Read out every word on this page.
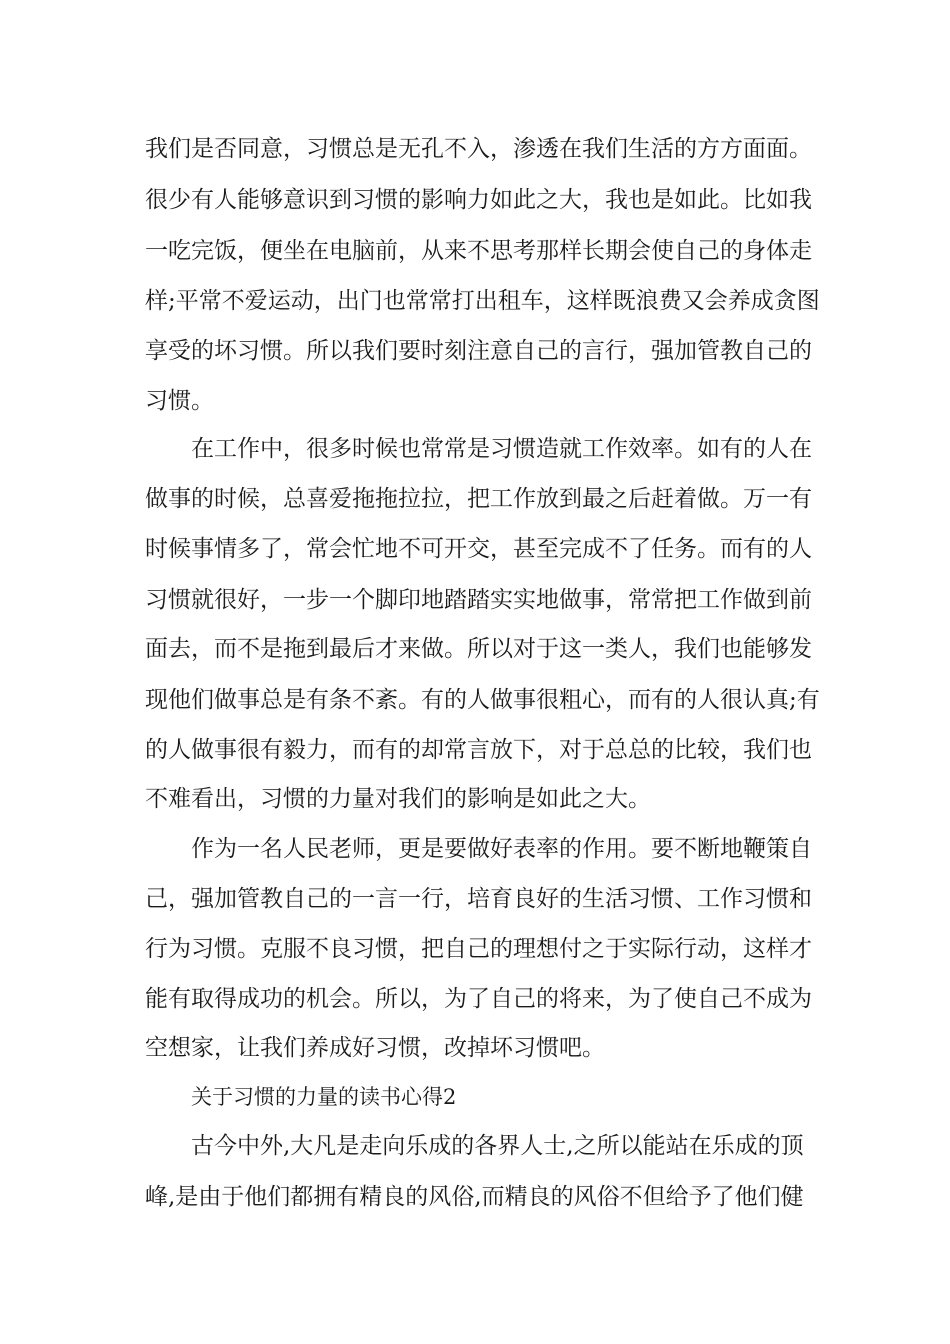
我们是否同意，习惯总是无孔不入，渗透在我们生活的方方面面。
很少有人能够意识到习惯的影响力如此之大，我也是如此。比如我
一吃完饭，便坐在电脑前，从来不思考那样长期会使自己的身体走
样;平常不爱运动，出门也常常打出租车，这样既浪费又会养成贪图
享受的坏习惯。所以我们要时刻注意自己的言行，强加管教自己的
习惯。
在工作中，很多时候也常常是习惯造就工作效率。如有的人在
做事的时候，总喜爱拖拖拉拉，把工作放到最之后赶着做。万一有
时候事情多了，常会忙地不可开交，甚至完成不了任务。而有的人
习惯就很好，一步一个脚印地踏踏实实地做事，常常把工作做到前
面去，而不是拖到最后才来做。所以对于这一类人，我们也能够发
现他们做事总是有条不紊。有的人做事很粗心，而有的人很认真;有
的人做事很有毅力，而有的却常言放下，对于总总的比较，我们也
不难看出，习惯的力量对我们的影响是如此之大。
作为一名人民老师，更是要做好表率的作用。要不断地鞭策自
己，强加管教自己的一言一行，培育良好的生活习惯、工作习惯和
行为习惯。克服不良习惯，把自己的理想付之于实际行动，这样才
能有取得成功的机会。所以，为了自己的将来，为了使自己不成为
空想家，让我们养成好习惯，改掉坏习惯吧。
关于习惯的力量的读书心得2
古今中外,大凡是走向乐成的各界人士,之所以能站在乐成的顶
峰,是由于他们都拥有精良的风俗,而精良的风俗不但给予了他们健
